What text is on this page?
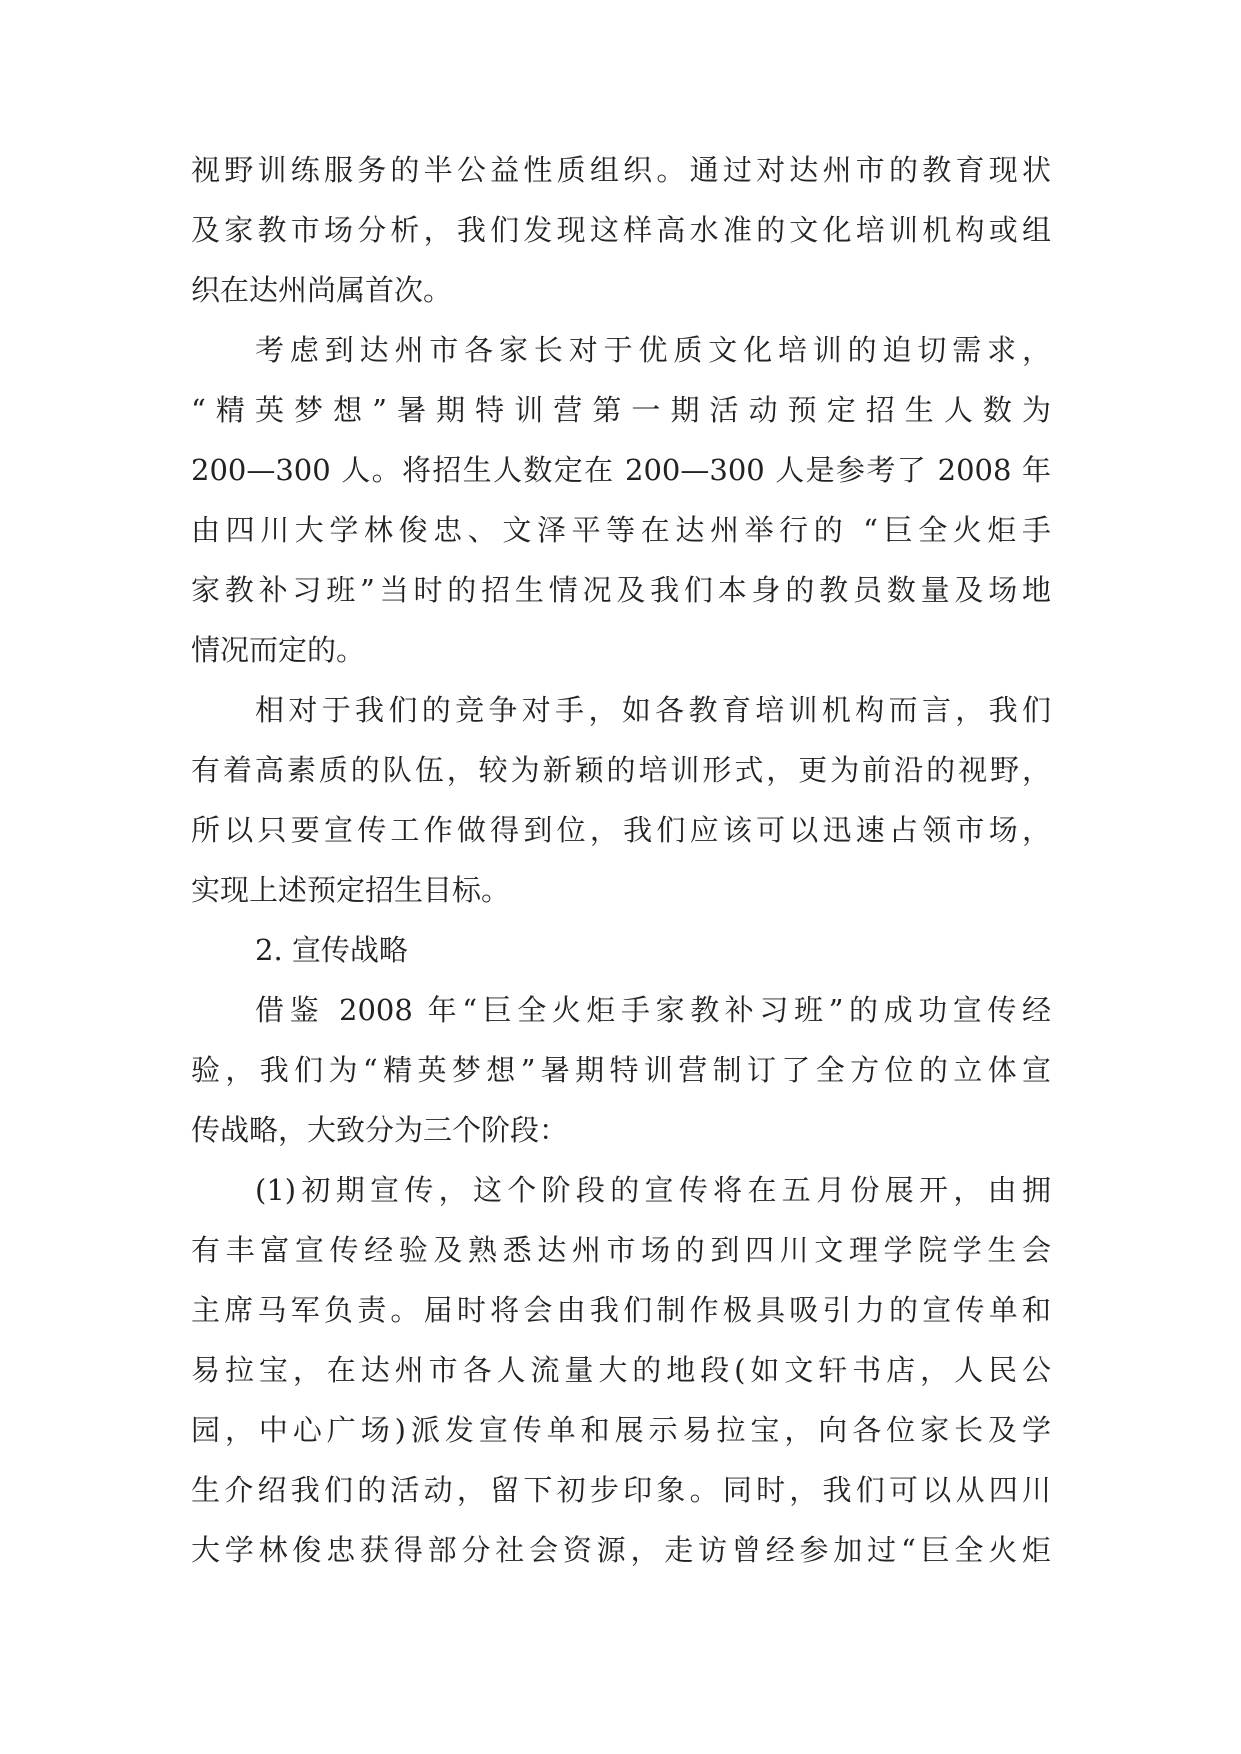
视野训练服务的半公益性质组织。通过对达州市的教育现状
及家教市场分析，我们发现这样高水准的文化培训机构或组
织在达州尚属首次。
考虑到达州市各家长对于优质文化培训的迫切需求，
“精英梦想”暑期特训营第一期活动预定招生人数为
200—300 人。将招生人数定在 200—300 人是参考了 2008 年
由四川大学林俊忠、文泽平等在达州举行的 “巨全火炬手
家教补习班”当时的招生情况及我们本身的教员数量及场地
情况而定的。
相对于我们的竞争对手，如各教育培训机构而言，我们
有着高素质的队伍，较为新颖的培训形式，更为前沿的视野，
所以只要宣传工作做得到位，我们应该可以迅速占领市场，
实现上述预定招生目标。
2. 宣传战略
借鉴 2008 年“巨全火炬手家教补习班”的成功宣传经
验，我们为“精英梦想”暑期特训营制订了全方位的立体宣
传战略，大致分为三个阶段：
(1)初期宣传，这个阶段的宣传将在五月份展开，由拥
有丰富宣传经验及熟悉达州市场的到四川文理学院学生会
主席马军负责。届时将会由我们制作极具吸引力的宣传单和
易拉宝，在达州市各人流量大的地段(如文轩书店，人民公
园，中心广场)派发宣传单和展示易拉宝，向各位家长及学
生介绍我们的活动，留下初步印象。同时，我们可以从四川
大学林俊忠获得部分社会资源，走访曾经参加过“巨全火炬
